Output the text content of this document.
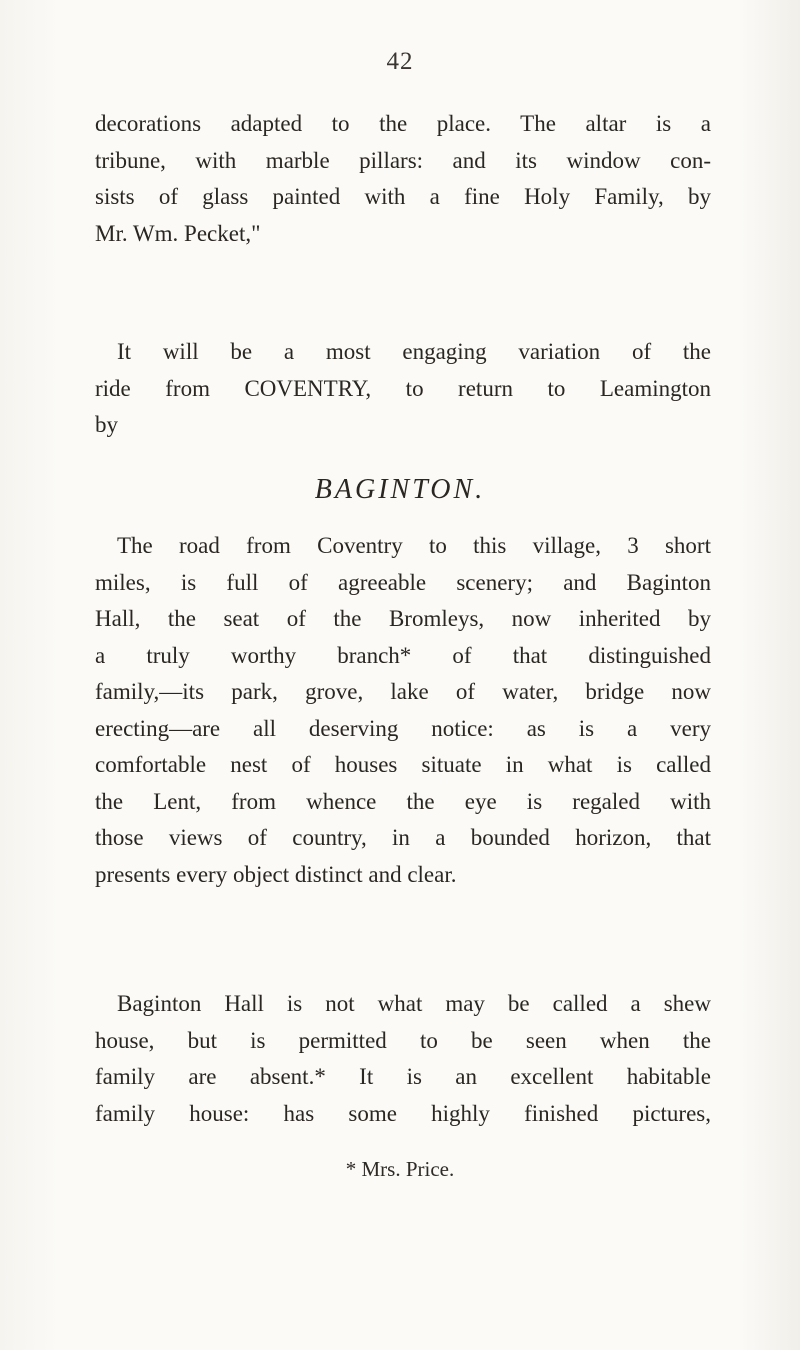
42
decorations adapted to the place. The altar is a
tribune, with marble pillars: and its window con-
sists of glass painted with a fine Holy Family, by
Mr. Wm. Pecket,"
It will be a most engaging variation of the
ride from COVENTRY, to return to Leamington
by
BAGINTON.
The road from Coventry to this village, 3 short
miles, is full of agreeable scenery; and Baginton
Hall, the seat of the Bromleys, now inherited by
a truly worthy branch* of that distinguished
family,—its park, grove, lake of water, bridge now
erecting—are all deserving notice: as is a very
comfortable nest of houses situate in what is called
the Lent, from whence the eye is regaled with
those views of country, in a bounded horizon, that
presents every object distinct and clear.
Baginton Hall is not what may be called a shew
house, but is permitted to be seen when the
family are absent.* It is an excellent habitable
family house: has some highly finished pictures,
* Mrs. Price.
